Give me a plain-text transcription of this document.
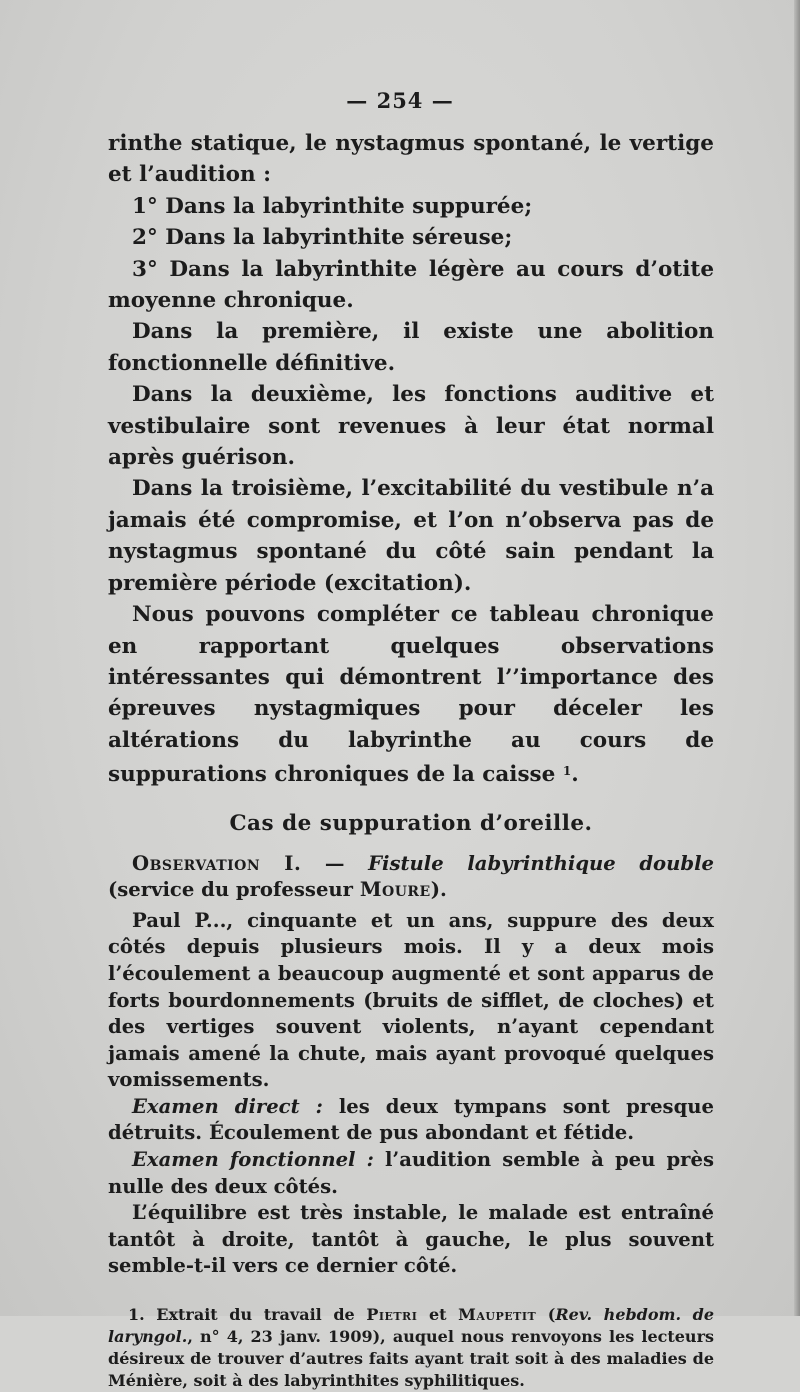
— 254 —

rinthe statique, le nystagmus spontané, le vertige et l’audition :

1° Dans la labyrinthite suppurée;

2° Dans la labyrinthite séreuse;

3° Dans la labyrinthite légère au cours d’otite moyenne chronique.

Dans la première, il existe une abolition fonctionnelle définitive.

Dans la deuxième, les fonctions auditive et vestibulaire sont revenues à leur état normal après guérison.

Dans la troisième, l’excitabilité du vestibule n’a jamais été compromise, et l’on n’observa pas de nystagmus spontané du côté sain pendant la première période (excitation).

Nous pouvons compléter ce tableau chronique en rapportant quelques observations intéressantes qui démontrent l’’importance des épreuves nystagmiques pour déceler les altérations du labyrinthe au cours de suppurations chroniques de la caisse $^1$.

Cas de suppuration d’oreille.

Observation I. — Fistule labyrinthique double (service du professeur Moure).

Paul P..., cinquante et un ans, suppure des deux côtés depuis plusieurs mois. Il y a deux mois l’écoulement a beaucoup augmenté et sont apparus de forts bourdonnements (bruits de sifflet, de cloches) et des vertiges souvent violents, n’ayant cependant jamais amené la chute, mais ayant provoqué quelques vomissements.

Examen direct : les deux tympans sont presque détruits. Écoulement de pus abondant et fétide.

Examen fonctionnel : l’audition semble à peu près nulle des deux côtés.

L’équilibre est très instable, le malade est entraîné tantôt à droite, tantôt à gauche, le plus souvent semble-t-il vers ce dernier côté.

1. Extrait du travail de Pietri et Maupetit (Rev. hebdom. de laryngol., n° 4, 23 janv. 1909), auquel nous renvoyons les lecteurs désireux de trouver d’autres faits ayant trait soit à des maladies de Ménière, soit à des labyrinthites syphilitiques.
